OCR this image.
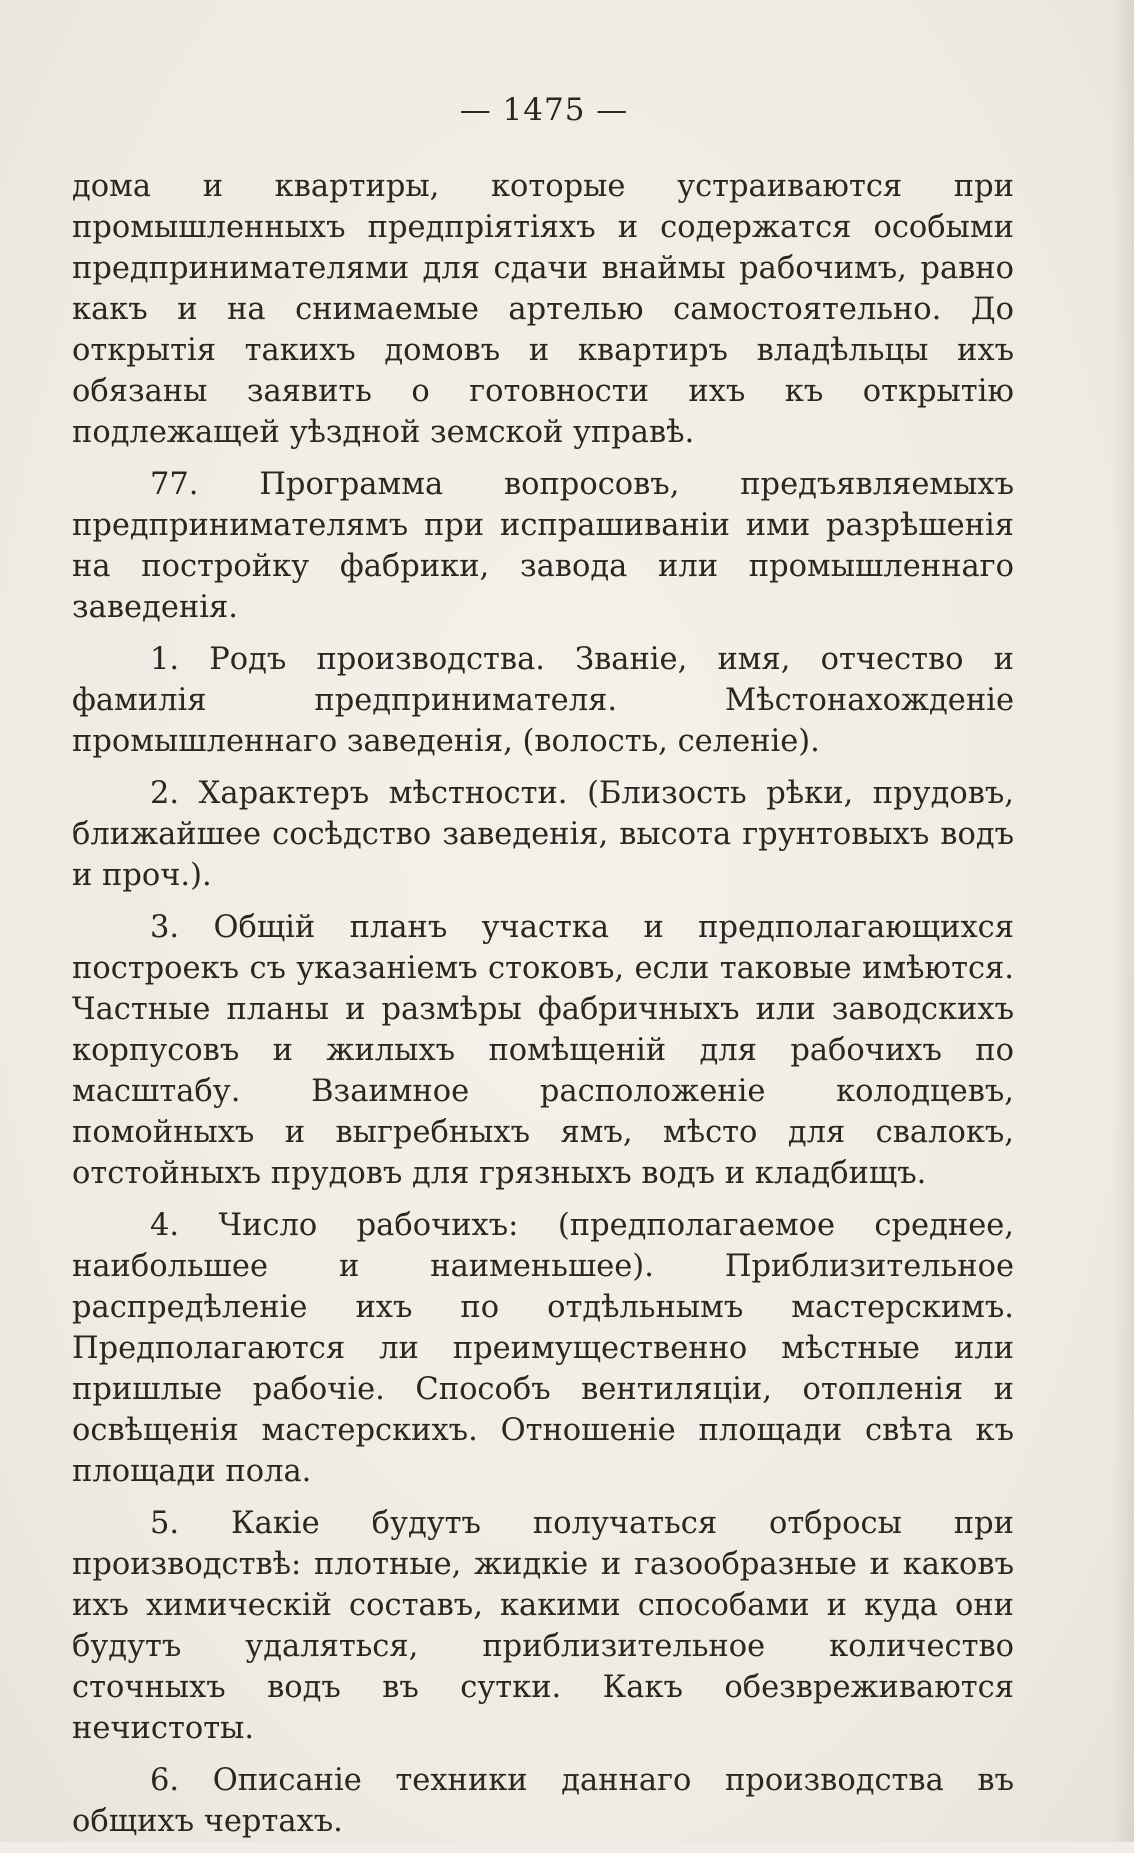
— 1475 —

дома и квартиры, которые устраиваются при промышленныхъ предпріятіяхъ и содержатся особыми предпринимателями для сдачи внаймы рабочимъ, равно какъ и на снимаемые артелью самостоятельно. До открытія такихъ домовъ и квартиръ владѣльцы ихъ обязаны заявить о готовности ихъ къ открытію подлежащей уѣздной земской управѣ.

77. Программа вопросовъ, предъявляемыхъ предпринимателямъ при испрашиваніи ими разрѣшенія на постройку фабрики, завода или промышленнаго заведенія.

1. Родъ производства. Званіе, имя, отчество и фамилія предпринимателя. Мѣстонахожденіе промышленнаго заведенія, (волость, селеніе).

2. Характеръ мѣстности. (Близость рѣки, прудовъ, ближайшее сосѣдство заведенія, высота грунтовыхъ водъ и проч.).

3. Общій планъ участка и предполагающихся построекъ съ указаніемъ стоковъ, если таковые имѣются. Частные планы и размѣры фабричныхъ или заводскихъ корпусовъ и жилыхъ помѣщеній для рабочихъ по масштабу. Взаимное расположеніе колодцевъ, помойныхъ и выгребныхъ ямъ, мѣсто для свалокъ, отстойныхъ прудовъ для грязныхъ водъ и кладбищъ.

4. Число рабочихъ: (предполагаемое среднее, наибольшее и наименьшее). Приблизительное распредѣленіе ихъ по отдѣльнымъ мастерскимъ. Предполагаются ли преимущественно мѣстные или пришлые рабочіе. Способъ вентиляціи, отопленія и освѣщенія мастерскихъ. Отношеніе площади свѣта къ площади пола.

5. Какіе будутъ получаться отбросы при производствѣ: плотные, жидкіе и газообразные и каковъ ихъ химическій составъ, какими способами и куда они будутъ удаляться, приблизительное количество сточныхъ водъ въ сутки. Какъ обезвреживаются нечистоты.

6. Описаніе техники даннаго производства въ общихъ чертахъ.
